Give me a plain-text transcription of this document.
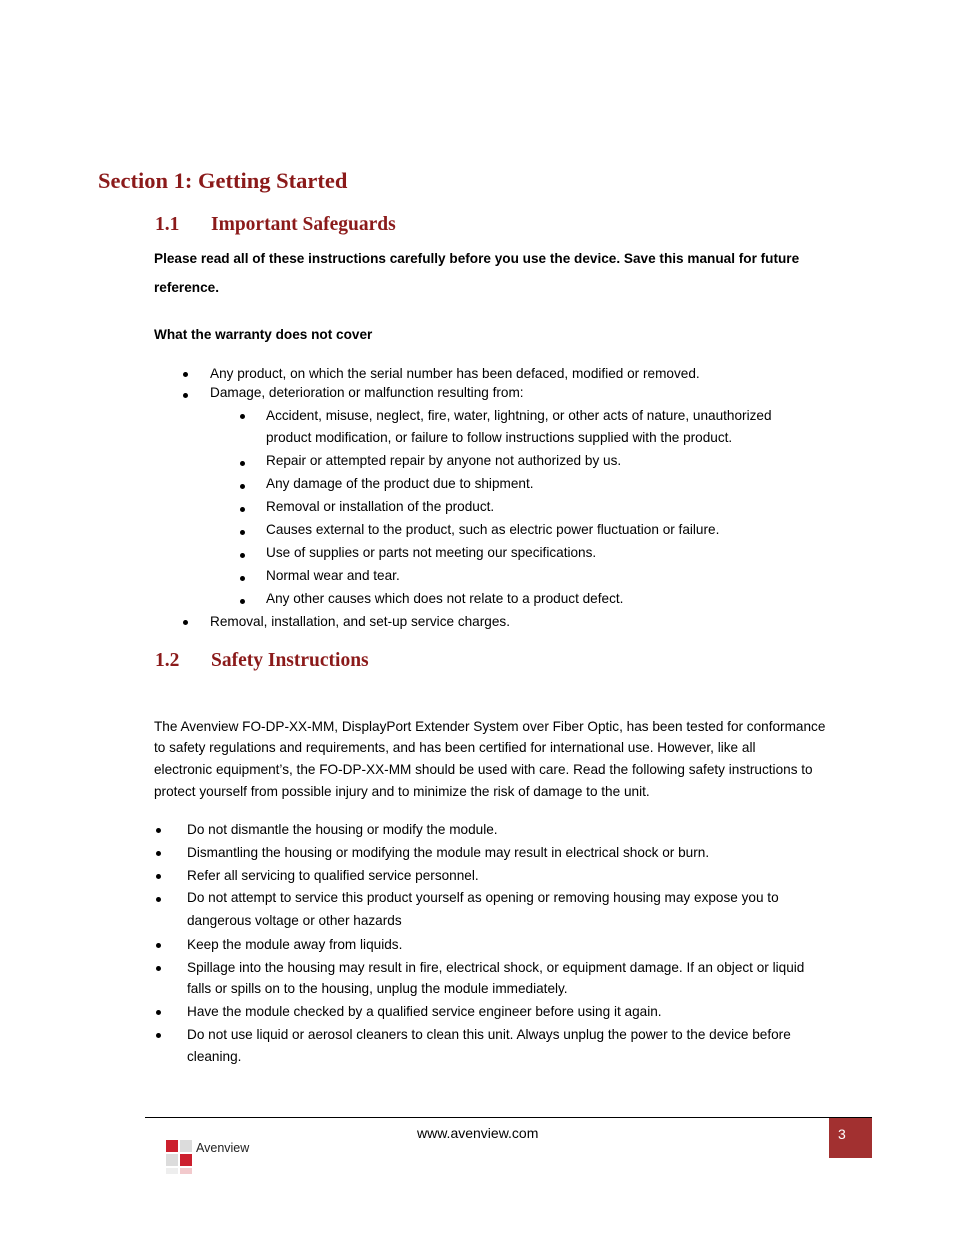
Section 1: Getting Started
1.1 Important Safeguards
Please read all of these instructions carefully before you use the device. Save this manual for future
reference.
What the warranty does not cover
Any product, on which the serial number has been defaced, modified or removed.
Damage, deterioration or malfunction resulting from:
Accident, misuse, neglect, fire, water, lightning, or other acts of nature, unauthorized
product modification, or failure to follow instructions supplied with the product.
Repair or attempted repair by anyone not authorized by us.
Any damage of the product due to shipment.
Removal or installation of the product.
Causes external to the product, such as electric power fluctuation or failure.
Use of supplies or parts not meeting our specifications.
Normal wear and tear.
Any other causes which does not relate to a product defect.
Removal, installation, and set-up service charges.
1.2 Safety Instructions
The Avenview FO-DP-XX-MM, DisplayPort Extender System over Fiber Optic, has been tested for conformance
to safety regulations and requirements, and has been certified for international use. However, like all
electronic equipment’s, the FO-DP-XX-MM should be used with care. Read the following safety instructions to
protect yourself from possible injury and to minimize the risk of damage to the unit.
Do not dismantle the housing or modify the module.
Dismantling the housing or modifying the module may result in electrical shock or burn.
Refer all servicing to qualified service personnel.
Do not attempt to service this product yourself as opening or removing housing may expose you to
dangerous voltage or other hazards
Keep the module away from liquids.
Spillage into the housing may result in fire, electrical shock, or equipment damage. If an object or liquid
falls or spills on to the housing, unplug the module immediately.
Have the module checked by a qualified service engineer before using it again.
Do not use liquid or aerosol cleaners to clean this unit. Always unplug the power to the device before
cleaning.
www.avenview.com	3
Avenview
